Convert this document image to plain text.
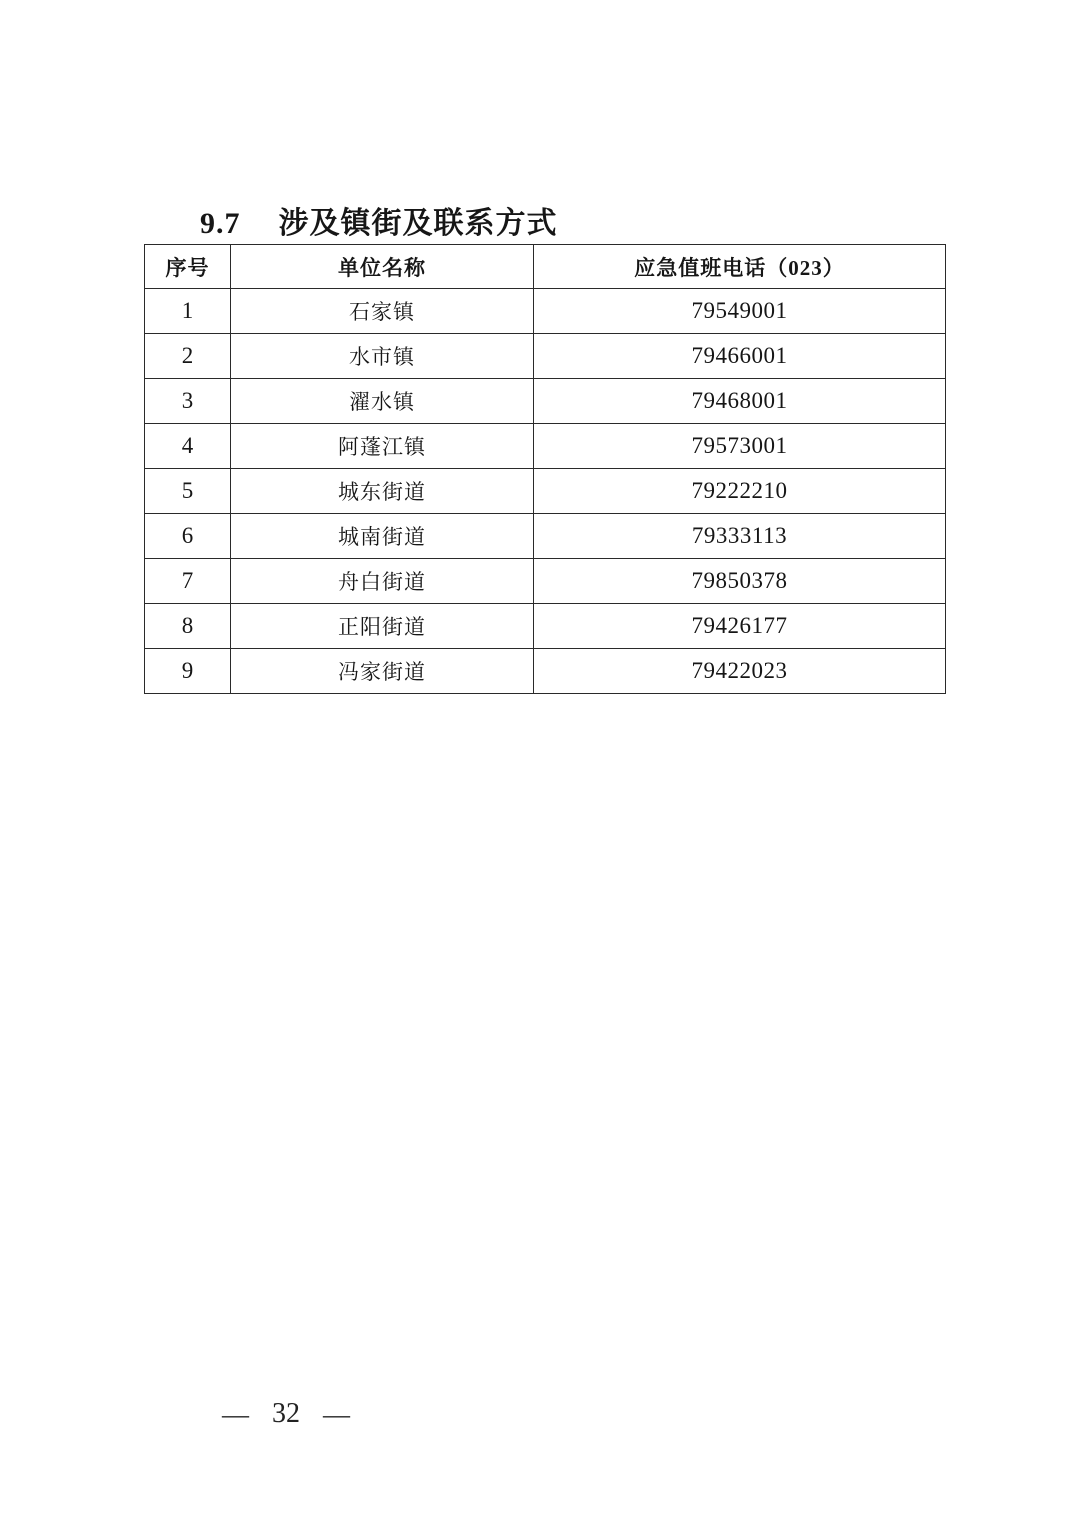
9.7 涉及镇街及联系方式
序号	单位名称	应急值班电话（023）
1	石家镇	79549001
2	水市镇	79466001
3	濯水镇	79468001
4	阿蓬江镇	79573001
5	城东街道	79222210
6	城南街道	79333113
7	舟白街道	79850378
8	正阳街道	79426177
9	冯家街道	79422023
— 32 —
